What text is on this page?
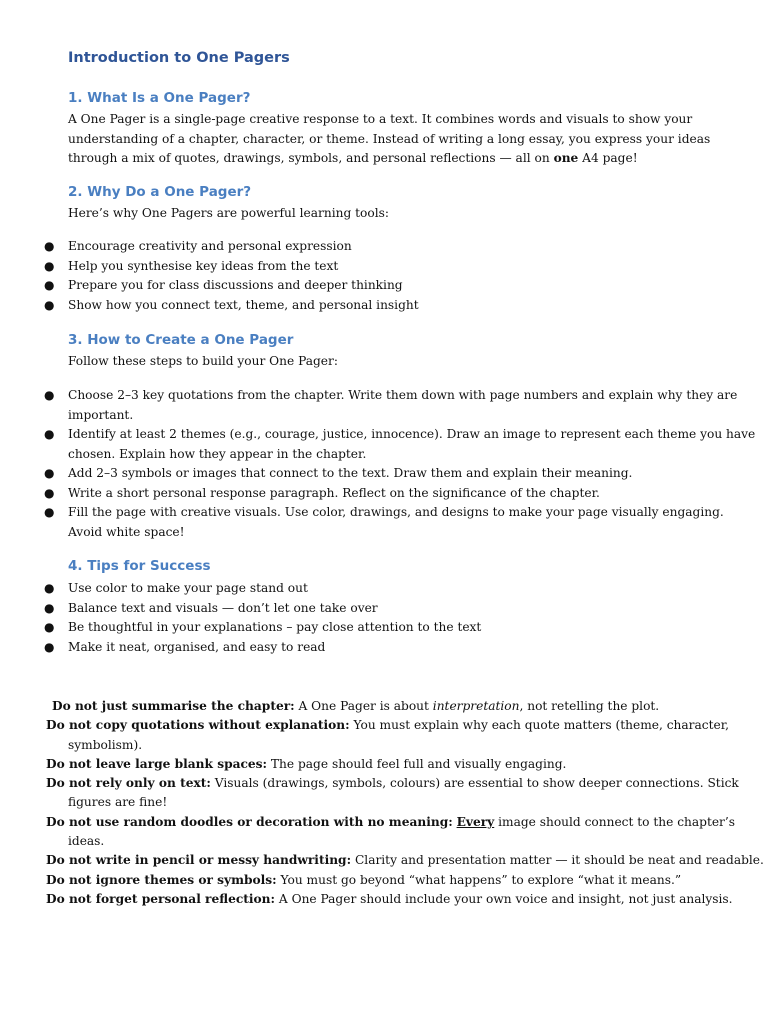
Introduction to One Pagers
1. What Is a One Pager?
A One Pager is a single-page creative response to a text. It combines words and visuals to show your
understanding of a chapter, character, or theme. Instead of writing a long essay, you express your ideas
through a mix of quotes, drawings, symbols, and personal reflections — all on one A4 page!
2. Why Do a One Pager?

Here’s why One Pagers are powerful learning tools:

● Encourage creativity and personal expression
● Help you synthesise key ideas from the text
● Prepare you for class discussions and deeper thinking
● Show how you connect text, theme, and personal insight
3. How to Create a One Pager

Follow these steps to build your One Pager:

● Choose 2–3 key quotations from the chapter. Write them down with page numbers and explain why they are
important.
● Identify at least 2 themes (e.g., courage, justice, innocence). Draw an image to represent each theme you have
chosen. Explain how they appear in the chapter.
● Add 2–3 symbols or images that connect to the text. Draw them and explain their meaning.
● Write a short personal response paragraph. Reflect on the significance of the chapter.
● Fill the page with creative visuals. Use color, drawings, and designs to make your page visually engaging.
Avoid white space!
4. Tips for Success
● Use color to make your page stand out
● Balance text and visuals — don’t let one take over
● Be thoughtful in your explanations – pay close attention to the text
● Make it neat, organised, and easy to read
Do not just summarise the chapter: A One Pager is about interpretation, not retelling the plot.
Do not copy quotations without explanation: You must explain why each quote matters (theme, character,
symbolism).
Do not leave large blank spaces: The page should feel full and visually engaging.
Do not rely only on text: Visuals (drawings, symbols, colours) are essential to show deeper connections. Stick
figures are fine!
Do not use random doodles or decoration with no meaning: Every image should connect to the chapter’s
ideas.
Do not write in pencil or messy handwriting: Clarity and presentation matter — it should be neat and readable.
Do not ignore themes or symbols: You must go beyond “what happens” to explore “what it means.”
Do not forget personal reflection: A One Pager should include your own voice and insight, not just analysis.
